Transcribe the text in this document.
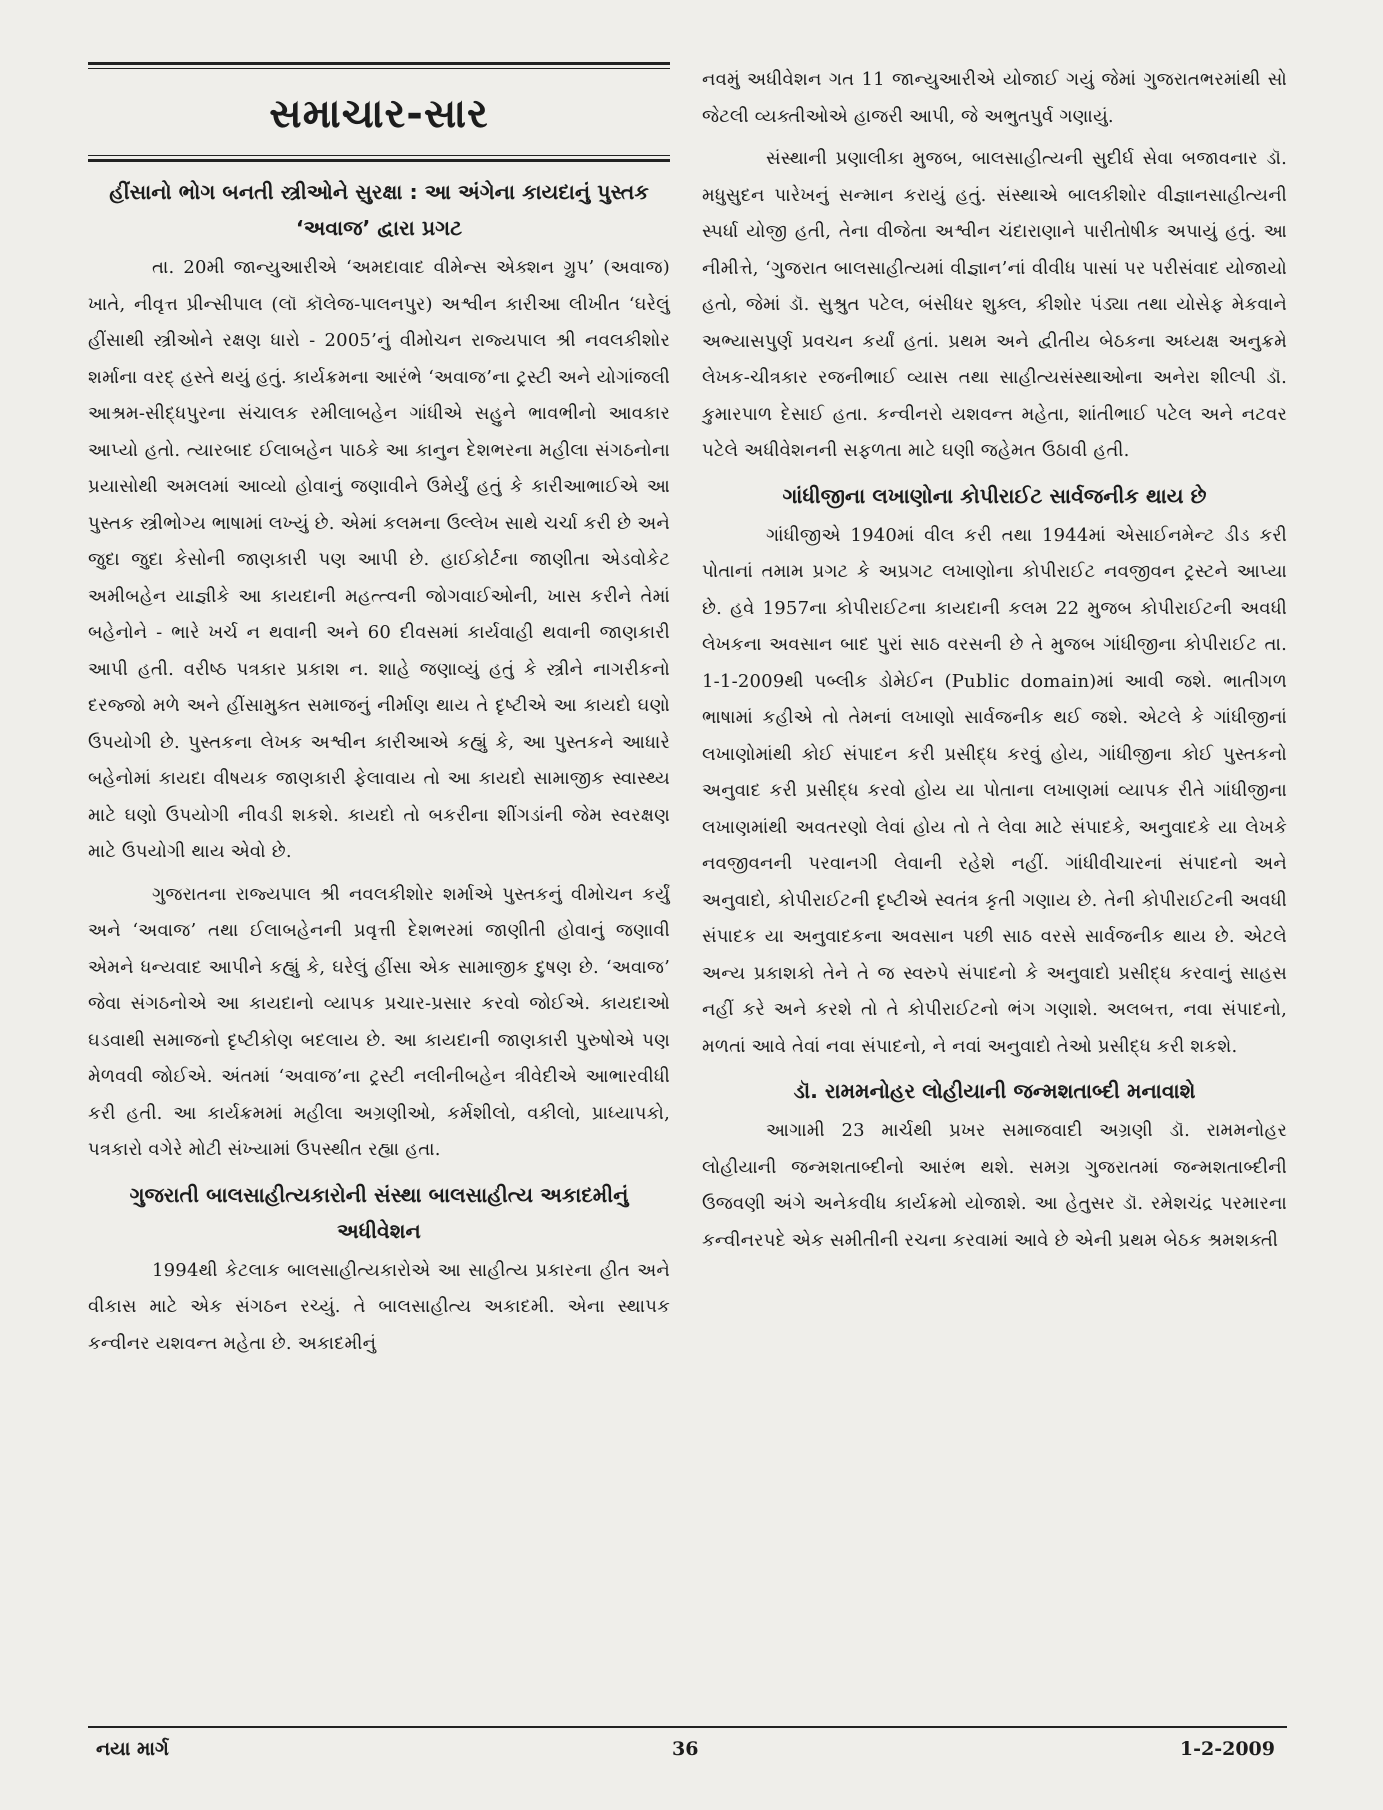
સમાચાર-સાર
હીંસાનો ભોગ બનતી સ્ત્રીઓને સુરક્ષા : આ અંગેના કાયદાનું પુસ્તક ‘અવાજ’ દ્વારા પ્રગટ

તા. 20મી જાન્યુઆરીએ ‘અમદાવાદ વીમેન્સ એક્શન ગ્રુપ’ (અવાજ) ખાતે, નીવૃત્ત પ્રીન્સીપાલ (લૉ કૉલેજ-પાલનપુર) અશ્વીન કારીઆ લીખીત ‘ઘરેલું હીંસાથી સ્ત્રીઓને રક્ષણ ધારો - 2005’નું વીમોચન રાજ્યપાલ શ્રી નવલકીશોર શર્માના વરદ્ હસ્તે થયું હતું. કાર્યક્રમના આરંભે ‘અવાજ’ના ટ્રસ્ટી અને યોગાંજલી આશ્રમ-સીદ્ધપુરના સંચાલક રમીલાબહેન ગાંધીએ સહુને ભાવભીનો આવકાર આપ્યો હતો. ત્યારબાદ ઈલાબહેન પાઠકે આ કાનુન દેશભરના મહીલા સંગઠનોના પ્રયાસોથી અમલમાં આવ્યો હોવાનું જણાવીને ઉમેર્યું હતું કે કારીઆભાઈએ આ પુસ્તક સ્ત્રીભોગ્ય ભાષામાં લખ્યું છે. એમાં કલમના ઉલ્લેખ સાથે ચર્ચા કરી છે અને જુદા જુદા કેસોની જાણકારી પણ આપી છે. હાઈકોર્ટના જાણીતા એડવોકેટ અમીબહેન યાજ્ઞીકે આ કાયદાની મહત્ત્વની જોગવાઈઓની, ખાસ કરીને તેમાં બહેનોને - ભારે ખર્ચ ન થવાની અને 60 દીવસમાં કાર્યવાહી થવાની જાણકારી આપી હતી. વરીષ્ઠ પત્રકાર પ્રકાશ ન. શાહે જણાવ્યું હતું કે સ્ત્રીને નાગરીકનો દરજ્જો મળે અને હીંસામુક્ત સમાજનું નીર્માણ થાય તે દૃષ્ટીએ આ કાયદો ઘણો ઉપયોગી છે. પુસ્તકના લેખક અશ્વીન કારીઆએ કહ્યું કે, આ પુસ્તકને આધારે બહેનોમાં કાયદા વીષયક જાણકારી ફેલાવાય તો આ કાયદો સામાજીક સ્વાસ્થ્ય માટે ઘણો ઉપયોગી નીવડી શકશે. કાયદો તો બકરીના શીંગડાંની જેમ સ્વરક્ષણ માટે ઉપયોગી થાય એવો છે.

ગુજરાતના રાજ્યપાલ શ્રી નવલકીશોર શર્માએ પુસ્તકનું વીમોચન કર્યું અને ‘અવાજ’ તથા ઈલાબહેનની પ્રવૃત્તી દેશભરમાં જાણીતી હોવાનું જણાવી એમને ધન્યવાદ આપીને કહ્યું કે, ઘરેલું હીંસા એક સામાજીક દુષણ છે. ‘અવાજ’ જેવા સંગઠનોએ આ કાયદાનો વ્યાપક પ્રચાર-પ્રસાર કરવો જોઈએ. કાયદાઓ ઘડવાથી સમાજનો દૃષ્ટીકોણ બદલાય છે. આ કાયદાની જાણકારી પુરુષોએ પણ મેળવવી જોઈએ. અંતમાં ‘અવાજ’ના ટ્રસ્ટી નલીનીબહેન ત્રીવેદીએ આભારવીધી કરી હતી. આ કાર્યક્રમમાં મહીલા અગ્રણીઓ, કર્મશીલો, વકીલો, પ્રાધ્યાપકો, પત્રકારો વગેરે મોટી સંખ્યામાં ઉપસ્થીત રહ્યા હતા.

ગુજરાતી બાલસાહીત્યકારોની સંસ્થા બાલસાહીત્ય અકાદમીનું અધીવેશન

1994થી કેટલાક બાલસાહીત્યકારોએ આ સાહીત્ય પ્રકારના હીત અને વીકાસ માટે એક સંગઠન રચ્યું. તે બાલસાહીત્ય અકાદમી. એના સ્થાપક કન્વીનર યશવન્ત મહેતા છે. અકાદમીનું

નવમું અધીવેશન ગત 11 જાન્યુઆરીએ યોજાઈ ગયું જેમાં ગુજરાતભરમાંથી સો જેટલી વ્યક્તીઓએ હાજરી આપી, જે અભુતપુર્વ ગણાયું.

સંસ્થાની પ્રણાલીકા મુજબ, બાલસાહીત્યની સુદીર્ઘ સેવા બજાવનાર ડૉ. મધુસુદન પારેખનું સન્માન કરાયું હતું. સંસ્થાએ બાલકીશોર વીજ્ઞાનસાહીત્યની સ્પર્ધા યોજી હતી, તેના વીજેતા અશ્વીન ચંદારાણાને પારીતોષીક અપાયું હતું. આ નીમીત્તે, ‘ગુજરાત બાલસાહીત્યમાં વીજ્ઞાન’નાં વીવીધ પાસાં પર પરીસંવાદ યોજાયો હતો, જેમાં ડૉ. સુશ્રુત પટેલ, બંસીધર શુક્લ, કીશોર પંડ્યા તથા યોસેફ મેકવાને અભ્યાસપુર્ણ પ્રવચન કર્યાં હતાં. પ્રથમ અને દ્વીતીય બેઠકના અધ્યક્ષ અનુક્રમે લેખક-ચીત્રકાર રજનીભાઈ વ્યાસ તથા સાહીત્યસંસ્થાઓના અનેરા શીલ્પી ડૉ. કુમારપાળ દેસાઈ હતા. કન્વીનરો યશવન્ત મહેતા, શાંતીભાઈ પટેલ અને નટવર પટેલે અધીવેશનની સફળતા માટે ઘણી જહેમત ઉઠાવી હતી.

ગાંધીજીના લખાણોના કોપીરાઈટ સાર્વજનીક થાય છે

ગાંધીજીએ 1940માં વીલ કરી તથા 1944માં એસાઈનમેન્ટ ડીડ કરી પોતાનાં તમામ પ્રગટ કે અપ્રગટ લખાણોના કોપીરાઈટ નવજીવન ટ્રસ્ટને આપ્યા છે. હવે 1957ના કોપીરાઈટના કાયદાની કલમ 22 મુજબ કોપીરાઈટની અવધી લેખકના અવસાન બાદ પુરાં સાઠ વરસની છે તે મુજબ ગાંધીજીના કોપીરાઈટ તા. 1-1-2009થી પબ્લીક ડોમેઈન (Public domain)માં આવી જશે. ભાતીગળ ભાષામાં કહીએ તો તેમનાં લખાણો સાર્વજનીક થઈ જશે. એટલે કે ગાંધીજીનાં લખાણોમાંથી કોઈ સંપાદન કરી પ્રસીદ્ધ કરવું હોય, ગાંધીજીના કોઈ પુસ્તકનો અનુવાદ કરી પ્રસીદ્ધ કરવો હોય યા પોતાના લખાણમાં વ્યાપક રીતે ગાંધીજીના લખાણમાંથી અવતરણો લેવાં હોય તો તે લેવા માટે સંપાદકે, અનુવાદકે યા લેખકે નવજીવનની પરવાનગી લેવાની રહેશે નહીં. ગાંધીવીચારનાં સંપાદનો અને અનુવાદો, કોપીરાઈટની દૃષ્ટીએ સ્વતંત્ર કૃતી ગણાય છે. તેની કોપીરાઈટની અવધી સંપાદક યા અનુવાદકના અવસાન પછી સાઠ વરસે સાર્વજનીક થાય છે. એટલે અન્ય પ્રકાશકો તેને તે જ સ્વરુપે સંપાદનો કે અનુવાદો પ્રસીદ્ધ કરવાનું સાહસ નહીં કરે અને કરશે તો તે કોપીરાઈટનો ભંગ ગણાશે. અલબત્ત, નવા સંપાદનો, મળતાં આવે તેવાં નવા સંપાદનો, ને નવાં અનુવાદો તેઓ પ્રસીદ્ધ કરી શકશે.

ડૉ. રામમનોહર લોહીયાની જન્મશતાબ્દી મનાવાશે

આગામી 23 માર્ચથી પ્રખર સમાજવાદી અગ્રણી ડૉ. રામમનોહર લોહીયાની જન્મશતાબ્દીનો આરંભ થશે. સમગ્ર ગુજરાતમાં જન્મશતાબ્દીની ઉજવણી અંગે અનેકવીધ કાર્યક્રમો યોજાશે. આ હેતુસર ડૉ. રમેશચંદ્ર પરમારના કન્વીનરપદે એક સમીતીની રચના કરવામાં આવે છે એની પ્રથમ બેઠક શ્રમશક્તી

નયા માર્ગ	36	1-2-2009
